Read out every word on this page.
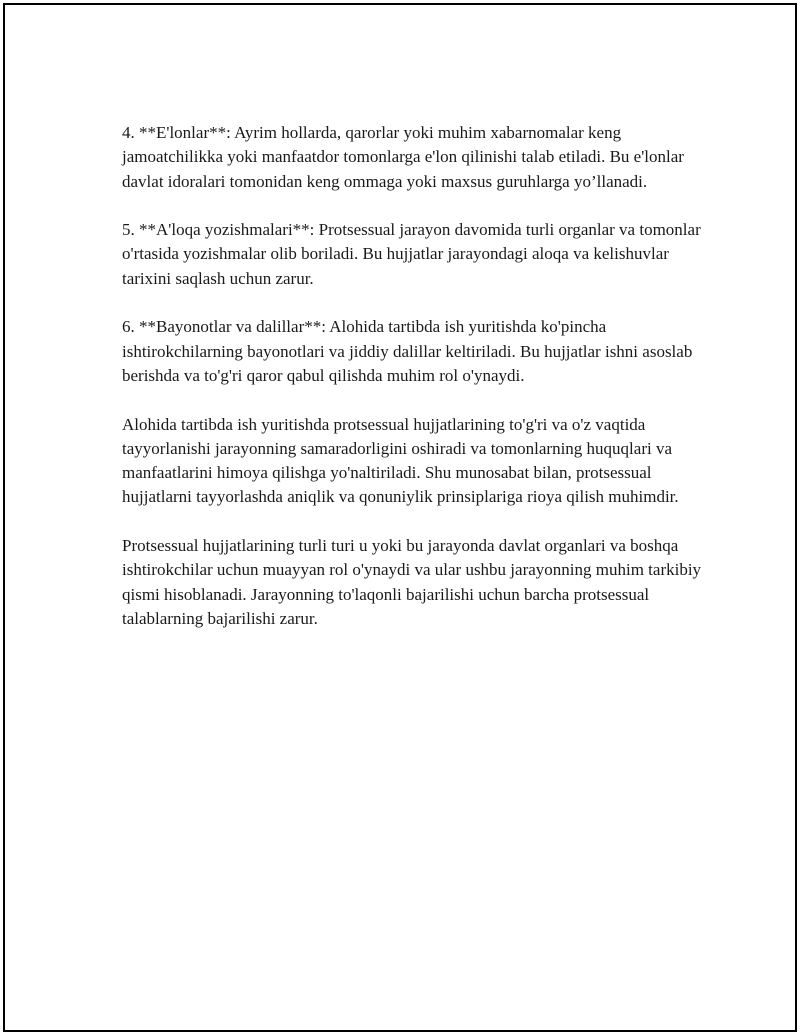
4. **E'lonlar**: Ayrim hollarda, qarorlar yoki muhim xabarnomalar keng jamoatchilikka yoki manfaatdor tomonlarga e'lon qilinishi talab etiladi. Bu e'lonlar davlat idoralari tomonidan keng ommaga yoki maxsus guruhlarga yo’llanadi.

5. **A'loqa yozishmalari**: Protsessual jarayon davomida turli organlar va tomonlar o'rtasida yozishmalar olib boriladi. Bu hujjatlar jarayondagi aloqa va kelishuvlar tarixini saqlash uchun zarur.

6. **Bayonotlar va dalillar**: Alohida tartibda ish yuritishda ko'pincha ishtirokchilarning bayonotlari va jiddiy dalillar keltiriladi. Bu hujjatlar ishni asoslab berishda va to'g'ri qaror qabul qilishda muhim rol o'ynaydi.

Alohida tartibda ish yuritishda protsessual hujjatlarining to'g'ri va o'z vaqtida tayyorlanishi jarayonning samaradorligini oshiradi va tomonlarning huquqlari va manfaatlarini himoya qilishga yo'naltiriladi. Shu munosabat bilan, protsessual hujjatlarni tayyorlashda aniqlik va qonuniylik prinsiplariga rioya qilish muhimdir.

Protsessual hujjatlarining turli turi u yoki bu jarayonda davlat organlari va boshqa ishtirokchilar uchun muayyan rol o'ynaydi va ular ushbu jarayonning muhim tarkibiy qismi hisoblanadi. Jarayonning to'laqonli bajarilishi uchun barcha protsessual talablarning bajarilishi zarur.
